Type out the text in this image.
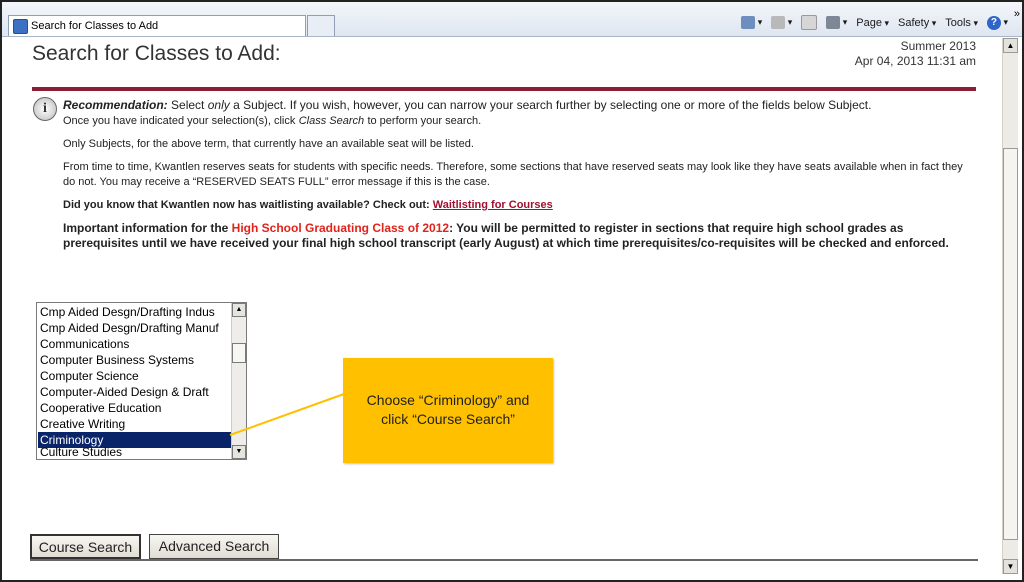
Search for Classes to Add ▾ ▾ ▾	Page ▾	Safety ▾	Tools ▾	? ▾
»
▲
▼
Search for Classes to Add:	Summer 2013
Apr 04, 2013 11:31 am
i	Recommendation: Select only a Subject. If you wish, however, you can narrow your search further by selecting one or more of the fields below Subject.
Once you have indicated your selection(s), click Class Search to perform your search.

Only Subjects, for the above term, that currently have an available seat will be listed.

From time to time, Kwantlen reserves seats for students with specific needs. Therefore, some sections that have reserved seats may look like they have seats available when in fact they do not. You may receive a “RESERVED SEATS FULL” error message if this is the case.

Did you know that Kwantlen now has waitlisting available? Check out: Waitlisting for Courses

Important information for the High School Graduating Class of 2012: You will be permitted to register in sections that require high school grades as prerequisites until we have received your final high school transcript (early August) at which time prerequisites/co-requisites will be checked and enforced.

Cmp Aided Desgn/Drafting Indus
Cmp Aided Desgn/Drafting Manuf
Communications
Computer Business Systems
Computer Science
Computer-Aided Design & Draft
Cooperative Education
Creative Writing
Criminology
Culture Studies
▲
▼
Choose “Criminology” and
click “Course Search”
Course Search	Advanced Search
